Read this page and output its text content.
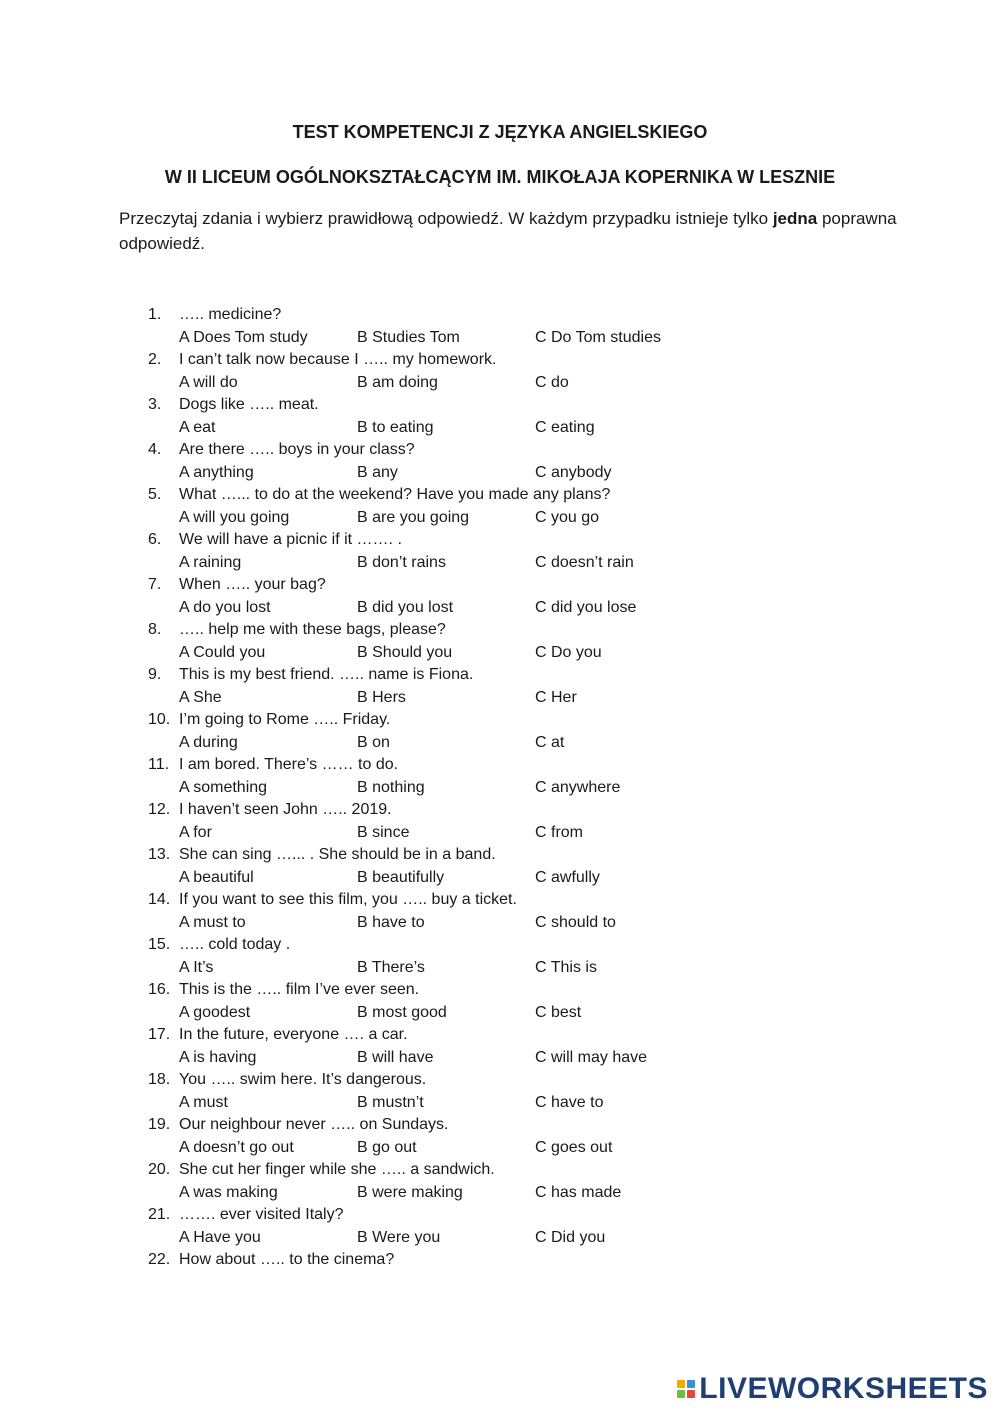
TEST KOMPETENCJI Z JĘZYKA ANGIELSKIEGO
W II LICEUM OGÓLNOKSZTAŁCĄCYM IM. MIKOŁAJA KOPERNIKA W LESZNIE

Przeczytaj zdania i wybierz prawidłową odpowiedź. W każdym przypadku istnieje tylko jedna poprawna odpowiedź.

1. ….. medicine?
A Does Tom study	B Studies Tom	C Do Tom studies
2. I can’t talk now because I ….. my homework.
A will do	B am doing	C do
3. Dogs like ….. meat.
A eat	B to eating	C eating
4. Are there ….. boys in your class?
A anything	B any	C anybody
5. What …... to do at the weekend? Have you made any plans?
A will you going	B are you going	C you go
6. We will have a picnic if it ……. .
A raining	B don’t rains	C doesn’t rain
7. When ….. your bag?
A do you lost	B did you lost	C did you lose
8. ….. help me with these bags, please?
A Could you	B Should you	C Do you
9. This is my best friend. ….. name is Fiona.
A She	B Hers	C Her
10. I’m going to Rome ….. Friday.
A during	B on	C at
11. I am bored. There’s …… to do.
A something	B nothing	C anywhere
12. I haven’t seen John ….. 2019.
A for	B since	C from
13. She can sing …... . She should be in a band.
A beautiful	B beautifully	C awfully
14. If you want to see this film, you ….. buy a ticket.
A must to	B have to	C should to
15. ….. cold today .
A It’s	B There’s	C This is
16. This is the ….. film I’ve ever seen.
A goodest	B most good	C best
17. In the future, everyone …. a car.
A is having	B will have	C will may have
18. You ….. swim here. It’s dangerous.
A must	B mustn’t	C have to
19. Our neighbour never ….. on Sundays.
A doesn’t go out	B go out	C goes out
20. She cut her finger while she ….. a sandwich.
A was making	B were making	C has made
21. ……. ever visited Italy?
A Have you	B Were you	C Did you
22. How about ….. to the cinema?
LIVEWORKSHEETS
